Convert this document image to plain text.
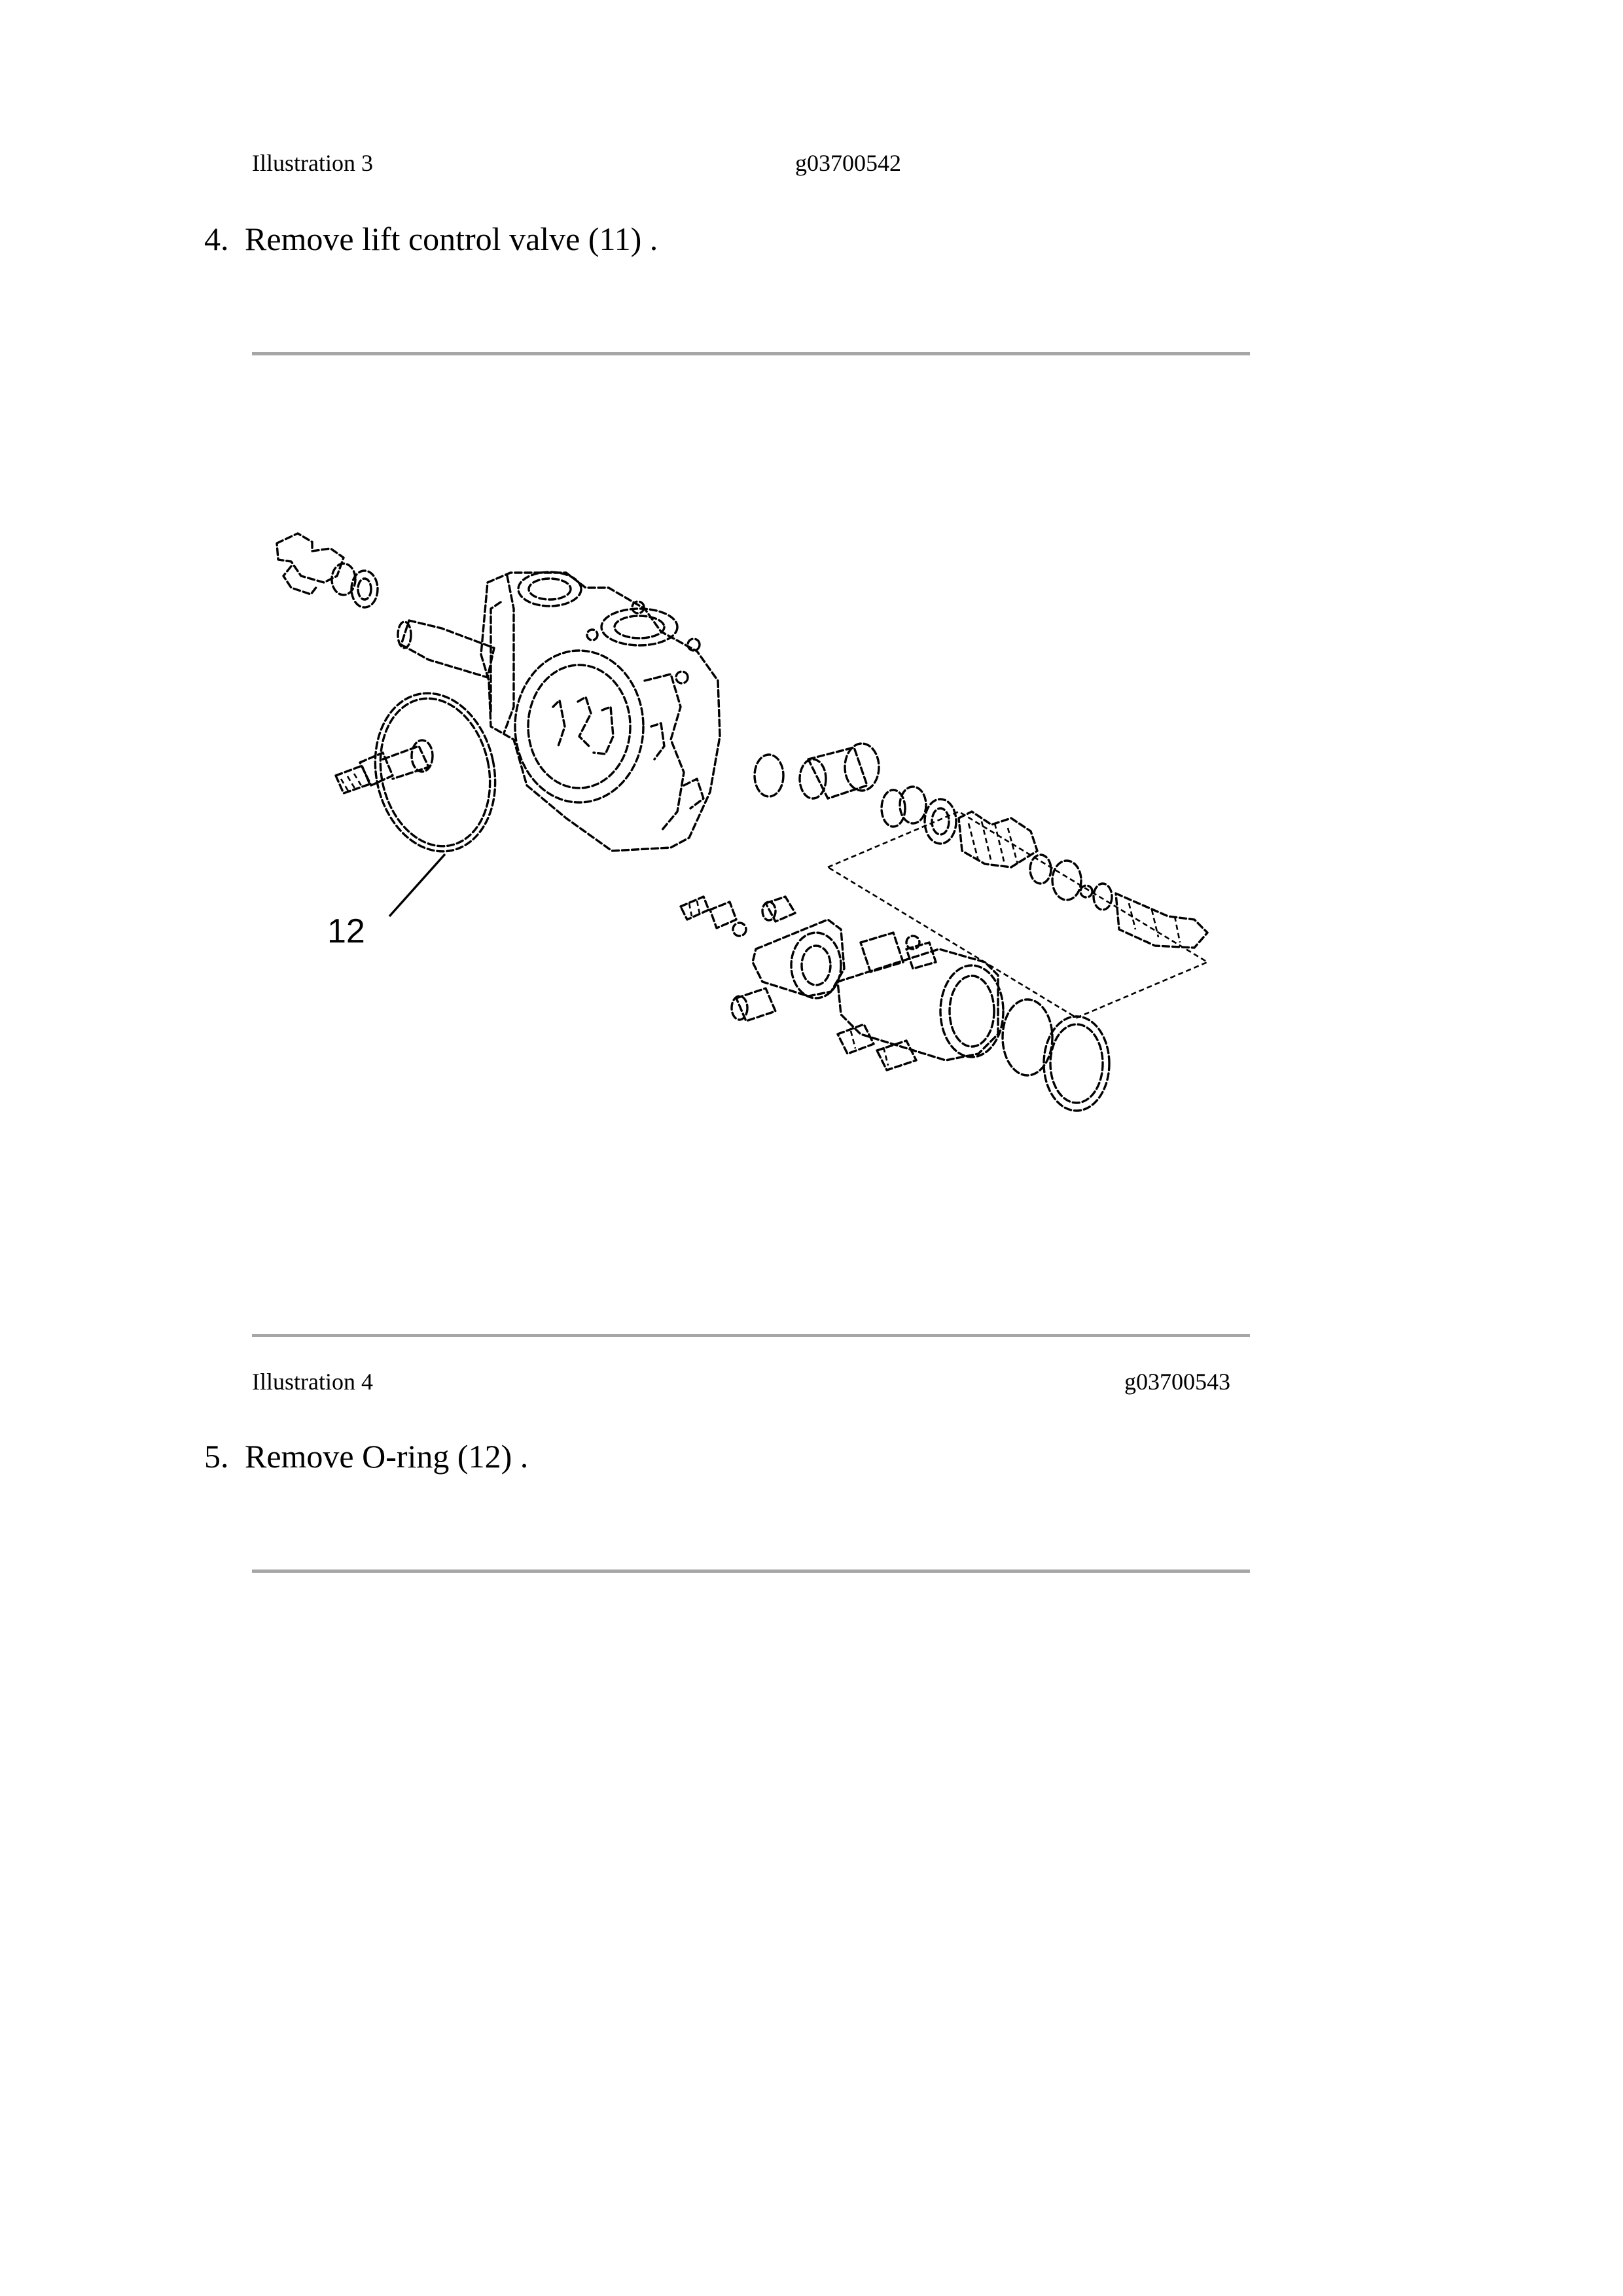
Illustration 3	g03700542
4. Remove lift control valve (11) .
12
Illustration 4	g03700543
5. Remove O-ring (12) .
